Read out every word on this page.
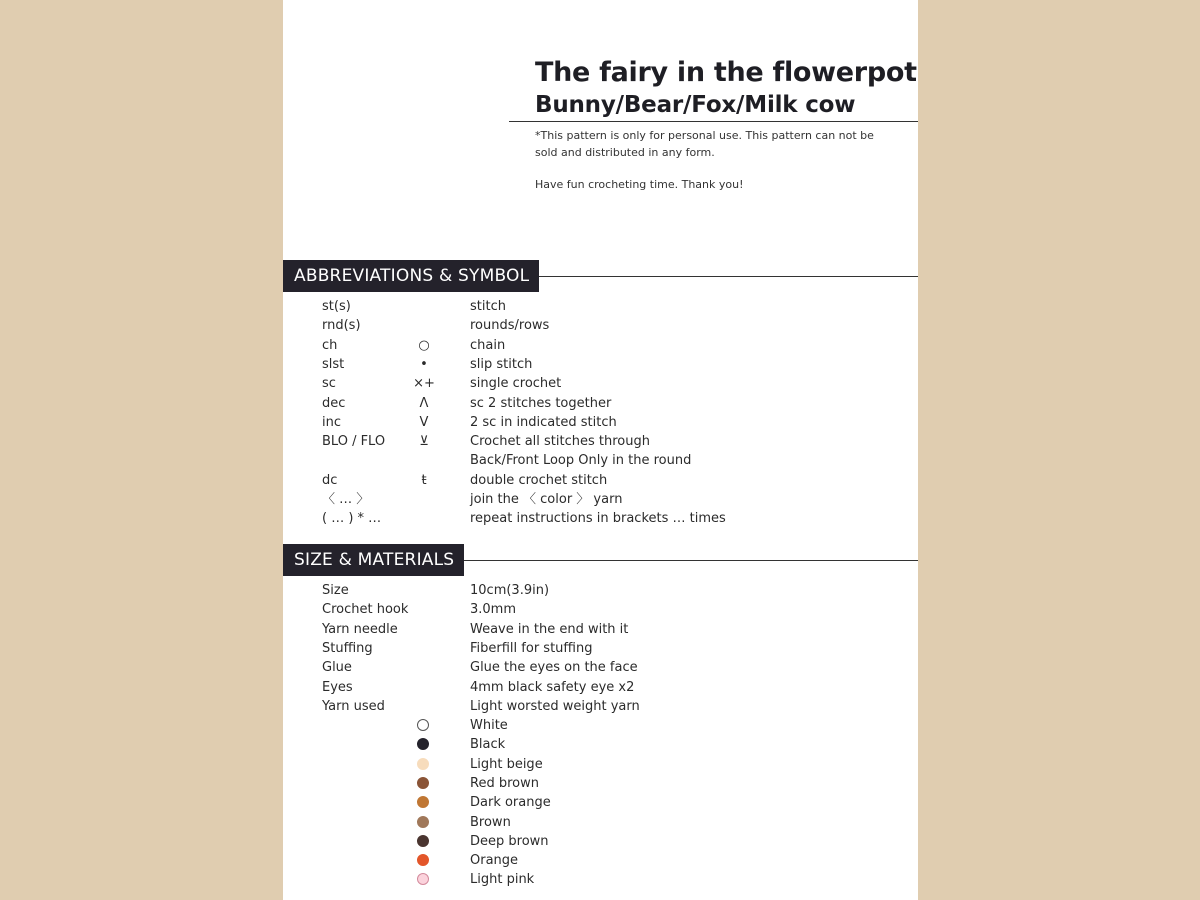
The fairy in the flowerpot
Bunny/Bear/Fox/Milk cow

*This pattern is only for personal use. This pattern can not be sold and distributed in any form.

Have fun crocheting time. Thank you!

ABBREVIATIONS & SYMBOL
st(s)	stitch
rnd(s)	rounds/rows
ch	○	chain
slst	•	slip stitch
sc	×+	single crochet
dec	Λ	sc 2 stitches together
inc	V	2 sc in indicated stitch
BLO / FLO	⊻	Crochet all stitches through
Back/Front Loop Only in the round
dc	ŧ	double crochet stitch
〈 … 〉	join the 〈 color 〉 yarn
( … ) * …	repeat instructions in brackets … times
SIZE & MATERIALS
Size	10cm(3.9in)
Crochet hook	3.0mm
Yarn needle	Weave in the end with it
Stuffing	Fiberfill for stuffing
Glue	Glue the eyes on the face
Eyes	4mm black safety eye x2
Yarn used	Light worsted weight yarn
White
Black
Light beige
Red brown
Dark orange
Brown
Deep brown
Orange
Light pink
